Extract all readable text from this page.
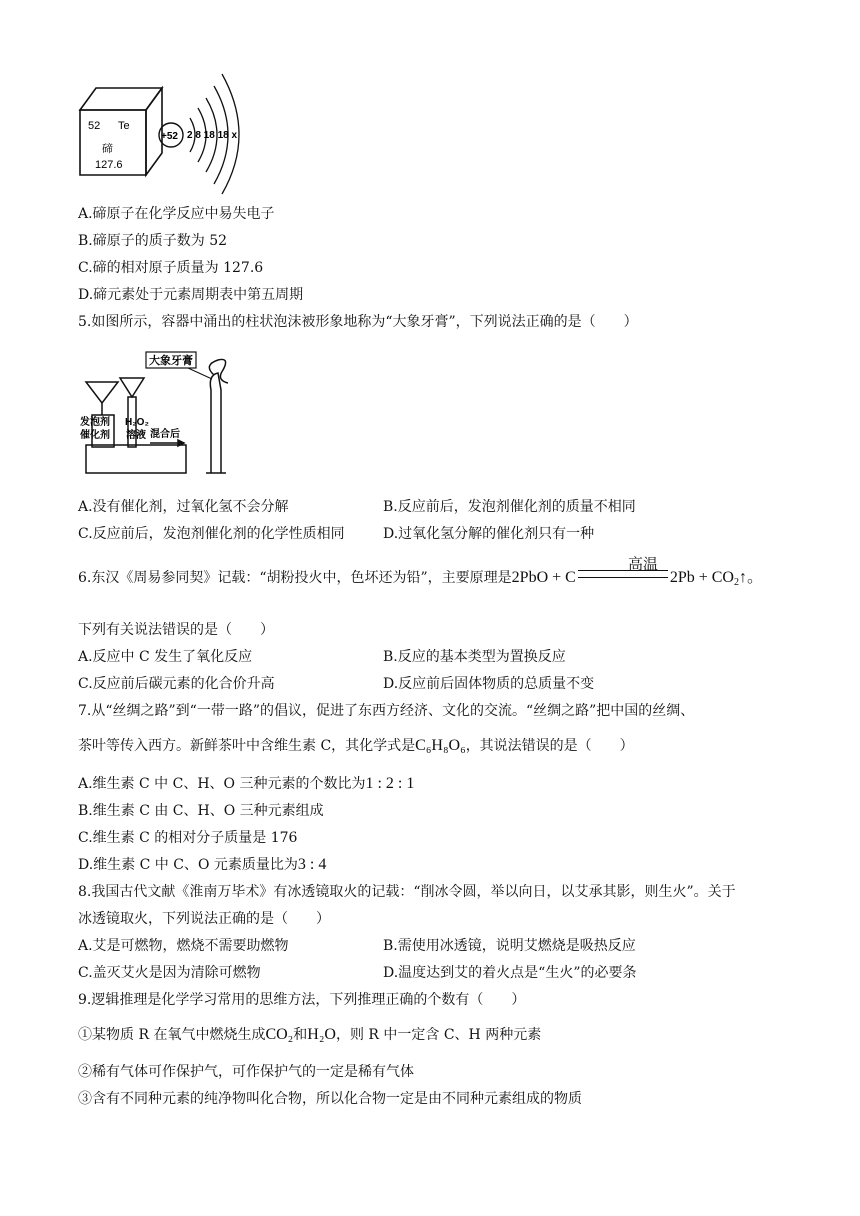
52 Te
碲
127.6
+52 2 8 18 18 x
A.碲原子在化学反应中易失电子
B.碲原子的质子数为 52
C.碲的相对原子质量为 127.6
D.碲元素处于元素周期表中第五周期
5.如图所示，容器中涌出的柱状泡沫被形象地称为“大象牙膏”，下列说法正确的是（　　）
大象牙膏
发泡剂
催化剂
H₂O₂
溶液 混合后
A.没有催化剂，过氧化氢不会分解	B.反应前后，发泡剂催化剂的质量不相同
C.反应前后，发泡剂催化剂的化学性质相同	D.过氧化氢分解的催化剂只有一种
6.东汉《周易参同契》记载：“胡粉投火中，色坏还为铅”，主要原理是2PbO + C	$2Pb + CO_2↑$。
高温
下列有关说法错误的是（　　）
A.反应中 C 发生了氧化反应	B.反应的基本类型为置换反应
C.反应前后碳元素的化合价升高	D.反应前后固体物质的总质量不变
7.从“丝绸之路”到“一带一路”的倡议，促进了东西方经济、文化的交流。“丝绸之路”把中国的丝绸、
茶叶等传入西方。新鲜茶叶中含维生素 C，其化学式是C₆H₈O₆，其说法错误的是（　　）
A.维生素 C 中 C、H、O 三种元素的个数比为1 : 2 : 1
B.维生素 C 由 C、H、O 三种元素组成
C.维生素 C 的相对分子质量是 176
D.维生素 C 中 C、O 元素质量比为3 : 4
8.我国古代文献《淮南万毕术》有冰透镜取火的记载：“削冰令圆，举以向日，以艾承其影，则生火”。关于
冰透镜取火，下列说法正确的是（　　）
A.艾是可燃物，燃烧不需要助燃物	B.需使用冰透镜，说明艾燃烧是吸热反应
C.盖灭艾火是因为清除可燃物	D.温度达到艾的着火点是“生火”的必要条
9.逻辑推理是化学学习常用的思维方法，下列推理正确的个数有（　　）
①某物质 R 在氧气中燃烧生成CO₂和H₂O，则 R 中一定含 C、H 两种元素
②稀有气体可作保护气，可作保护气的一定是稀有气体
③含有不同种元素的纯净物叫化合物，所以化合物一定是由不同种元素组成的物质
